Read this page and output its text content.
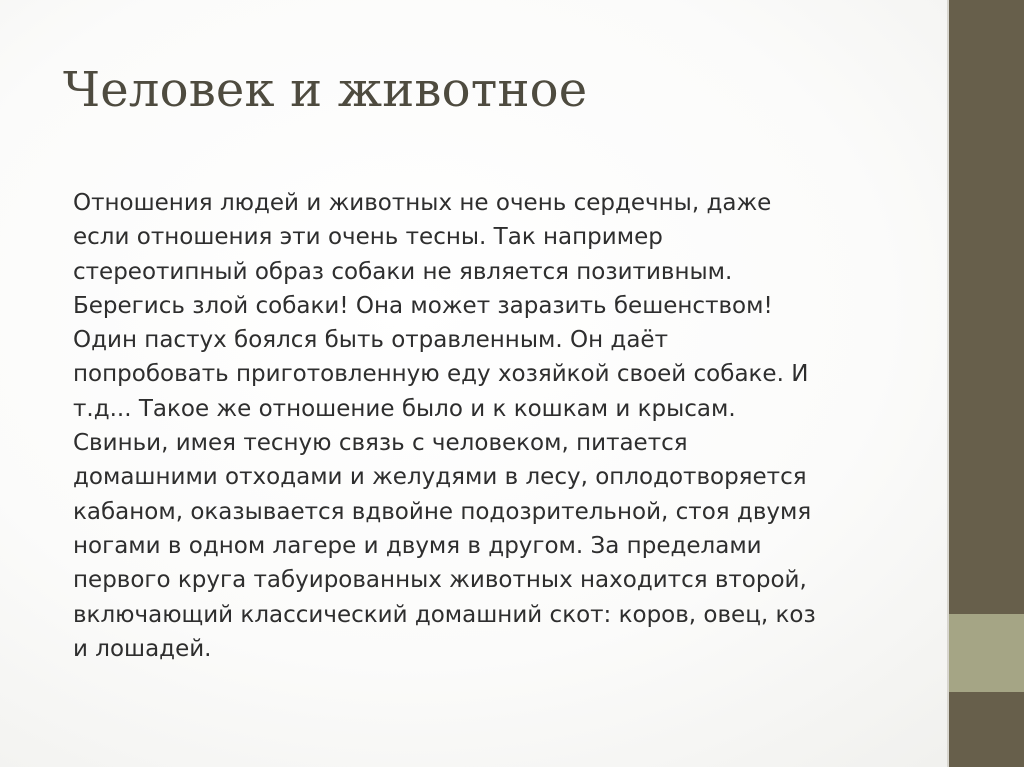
Человек и животное

Отношения людей и животных не очень сердечны, даже
если отношения эти очень тесны. Так например
стереотипный образ собаки не является позитивным.
Берегись злой собаки! Она может заразить бешенством!
Один пастух боялся быть отравленным. Он даёт
попробовать приготовленную еду хозяйкой своей собаке. И
т.д... Такое же отношение было и к кошкам и крысам.
Свиньи, имея тесную связь с человеком, питается
домашними отходами и желудями в лесу, оплодотворяется
кабаном, оказывается вдвойне подозрительной, стоя двумя
ногами в одном лагере и двумя в другом. За пределами
первого круга табуированных животных находится второй,
включающий классический домашний скот: коров, овец, коз
и лошадей.
